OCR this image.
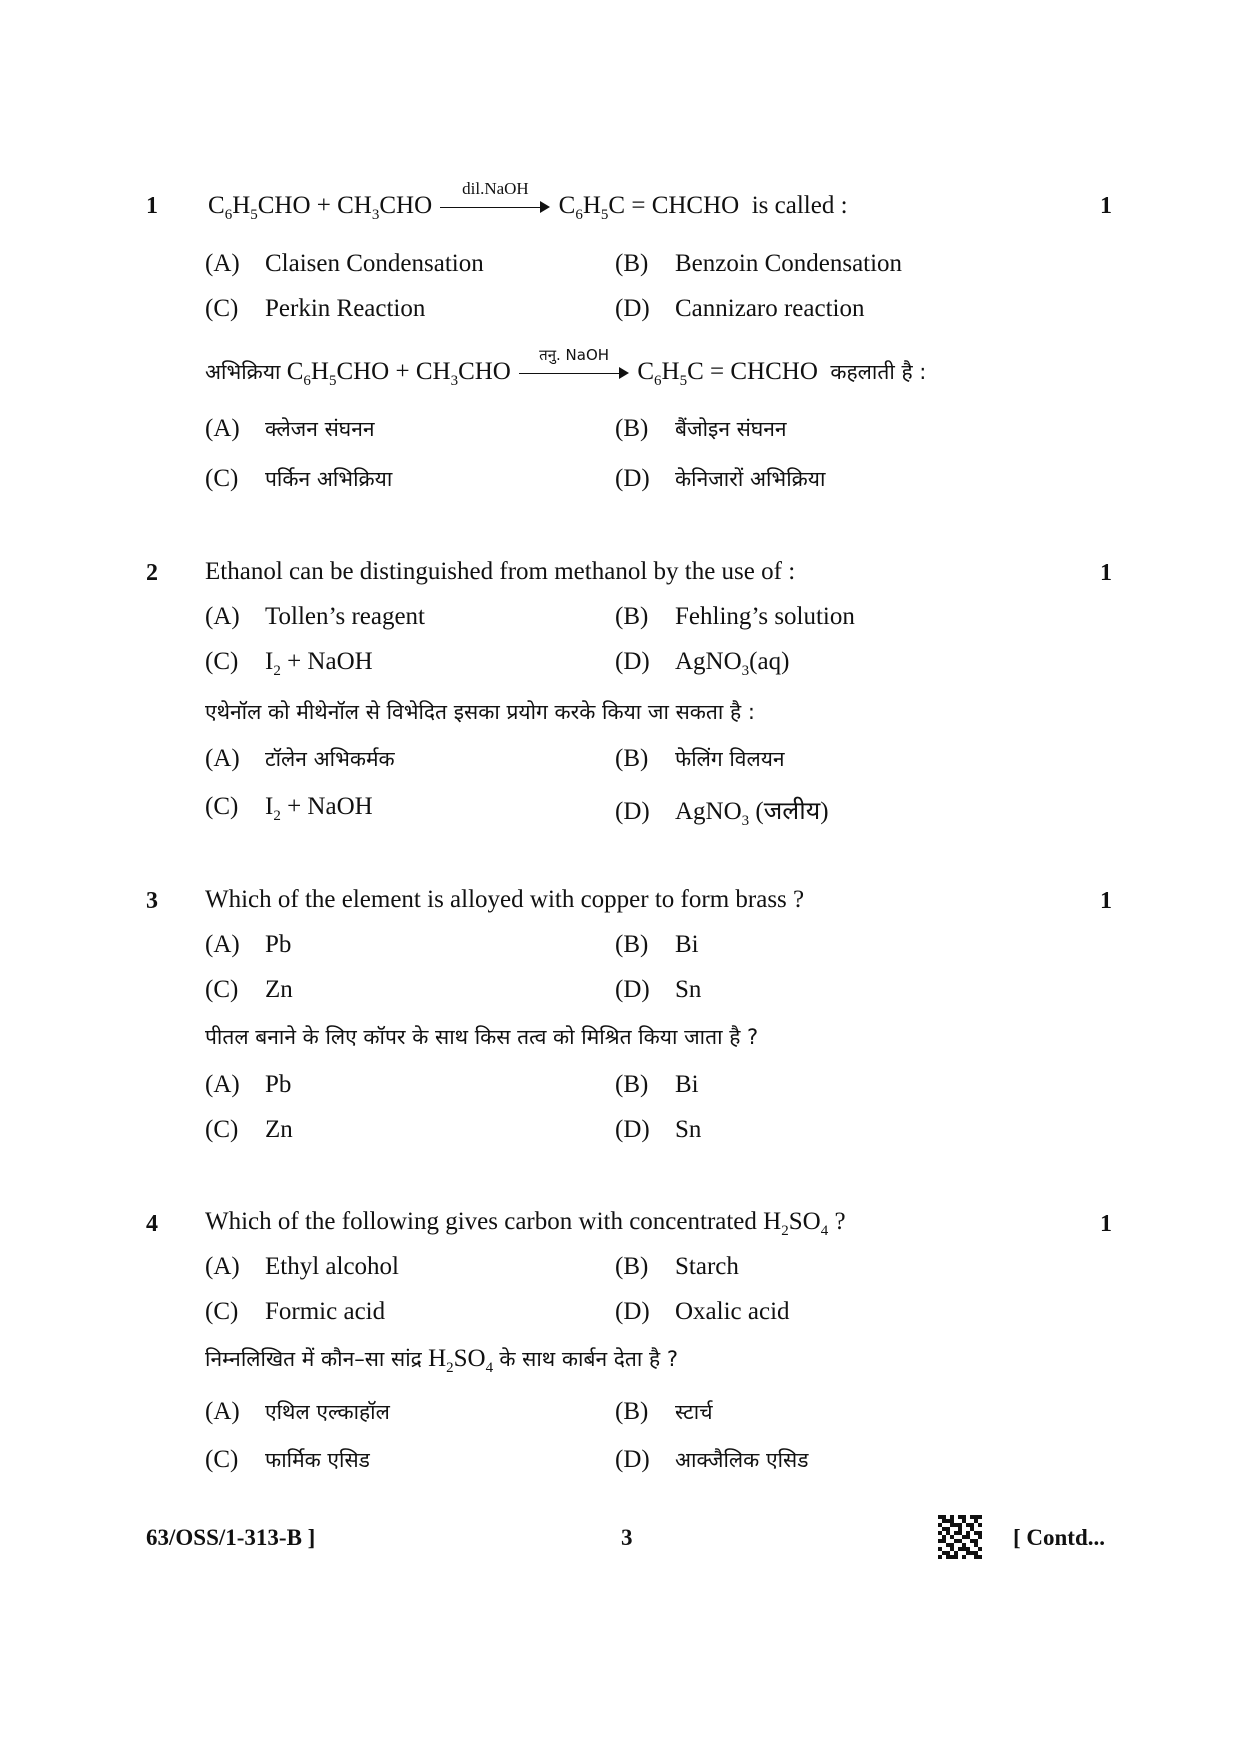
1	1
$C_6H_5CHO + CH_3CHO$
dil.NaOH
$C_6H_5C$ = CHCHO is called :
(A) Claisen Condensation	(B) Benzoin Condensation
(C) Perkin Reaction	(D) Cannizaro reaction
अभिक्रिया $C_6H_5CHO + CH_3CHO$
तनु. NaOH
$C_6H_5C$ = CHCHO कहलाती है :
(A) क्लेजन संघनन	(B) बैंजोइन संघनन
(C) पर्किन अभिक्रिया	(D) केनिजारों अभिक्रिया
2	1
Ethanol can be distinguished from methanol by the use of :
(A) Tollen’s reagent	(B) Fehling’s solution
(C) $I_2$ + NaOH	(D) AgNO$_3$(aq)
एथेनॉल को मीथेनॉल से विभेदित इसका प्रयोग करके किया जा सकता है :
(A) टॉलेन अभिकर्मक	(B) फेलिंग विलयन
(C) $I_2$ + NaOH	(D) AgNO$_3$ (जलीय)
3	1
Which of the element is alloyed with copper to form brass ?
(A) Pb	(B) Bi
(C) Zn	(D) Sn
पीतल बनाने के लिए कॉपर के साथ किस तत्व को मिश्रित किया जाता है ?
(A) Pb	(B) Bi
(C) Zn	(D) Sn
4	1
Which of the following gives carbon with concentrated $H_2SO_4$ ?
(A) Ethyl alcohol	(B) Starch
(C) Formic acid	(D) Oxalic acid
निम्नलिखित में कौन–सा सांद्र $H_2SO_4$ के साथ कार्बन देता है ?
(A) एथिल एल्काहॉल	(B) स्टार्च
(C) फार्मिक एसिड	(D) आक्जैलिक एसिड
63/OSS/1-313-B ]	3	[ Contd...
